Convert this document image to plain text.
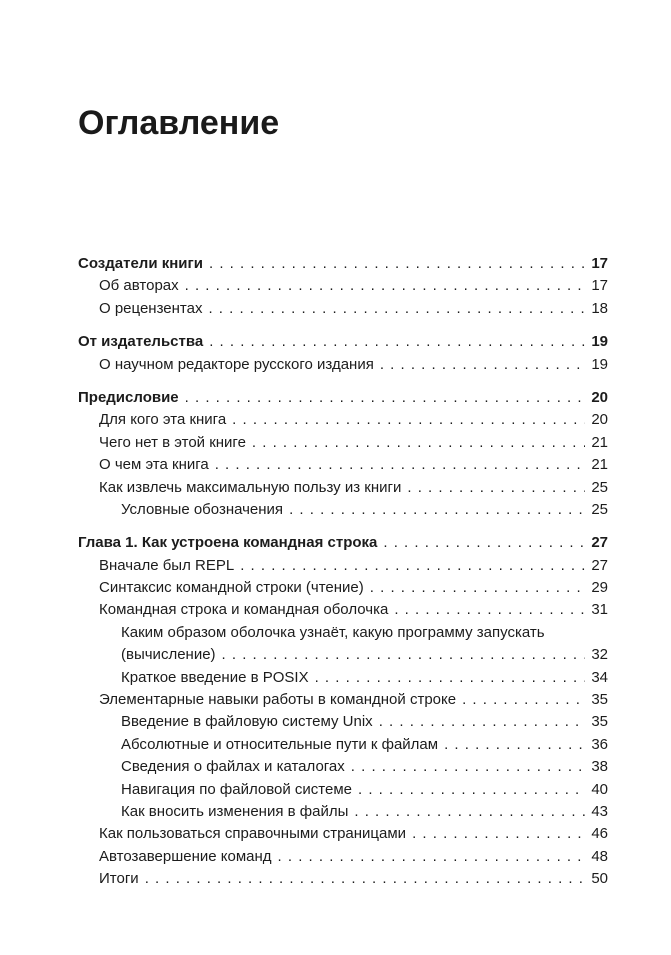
Оглавление
Создатели книги . . .	17
Об авторах . . .	17
О рецензентах . . .	18
От издательства . . .	19
О научном редакторе русского издания . . .	19
Предисловие . . .	20
Для кого эта книга . . .	20
Чего нет в этой книге . . .	21
О чем эта книга . . .	21
Как извлечь максимальную пользу из книги . . .	25
Условные обозначения . . .	25
Глава 1. Как устроена командная строка . . .	27
Вначале был REPL . . .	27
Синтаксис командной строки (чтение) . . .	29
Командная строка и командная оболочка . . .	31
Каким образом оболочка узнаёт, какую программу запускать
(вычисление) . . .	32
Краткое введение в POSIX . . .	34
Элементарные навыки работы в командной строке . . .	35
Введение в файловую систему Unix . . .	35
Абсолютные и относительные пути к файлам . . .	36
Сведения о файлах и каталогах . . .	38
Навигация по файловой системе . . .	40
Как вносить изменения в файлы . . .	43
Как пользоваться справочными страницами . . .	46
Автозавершение команд . . .	48
Итоги . . .	50
